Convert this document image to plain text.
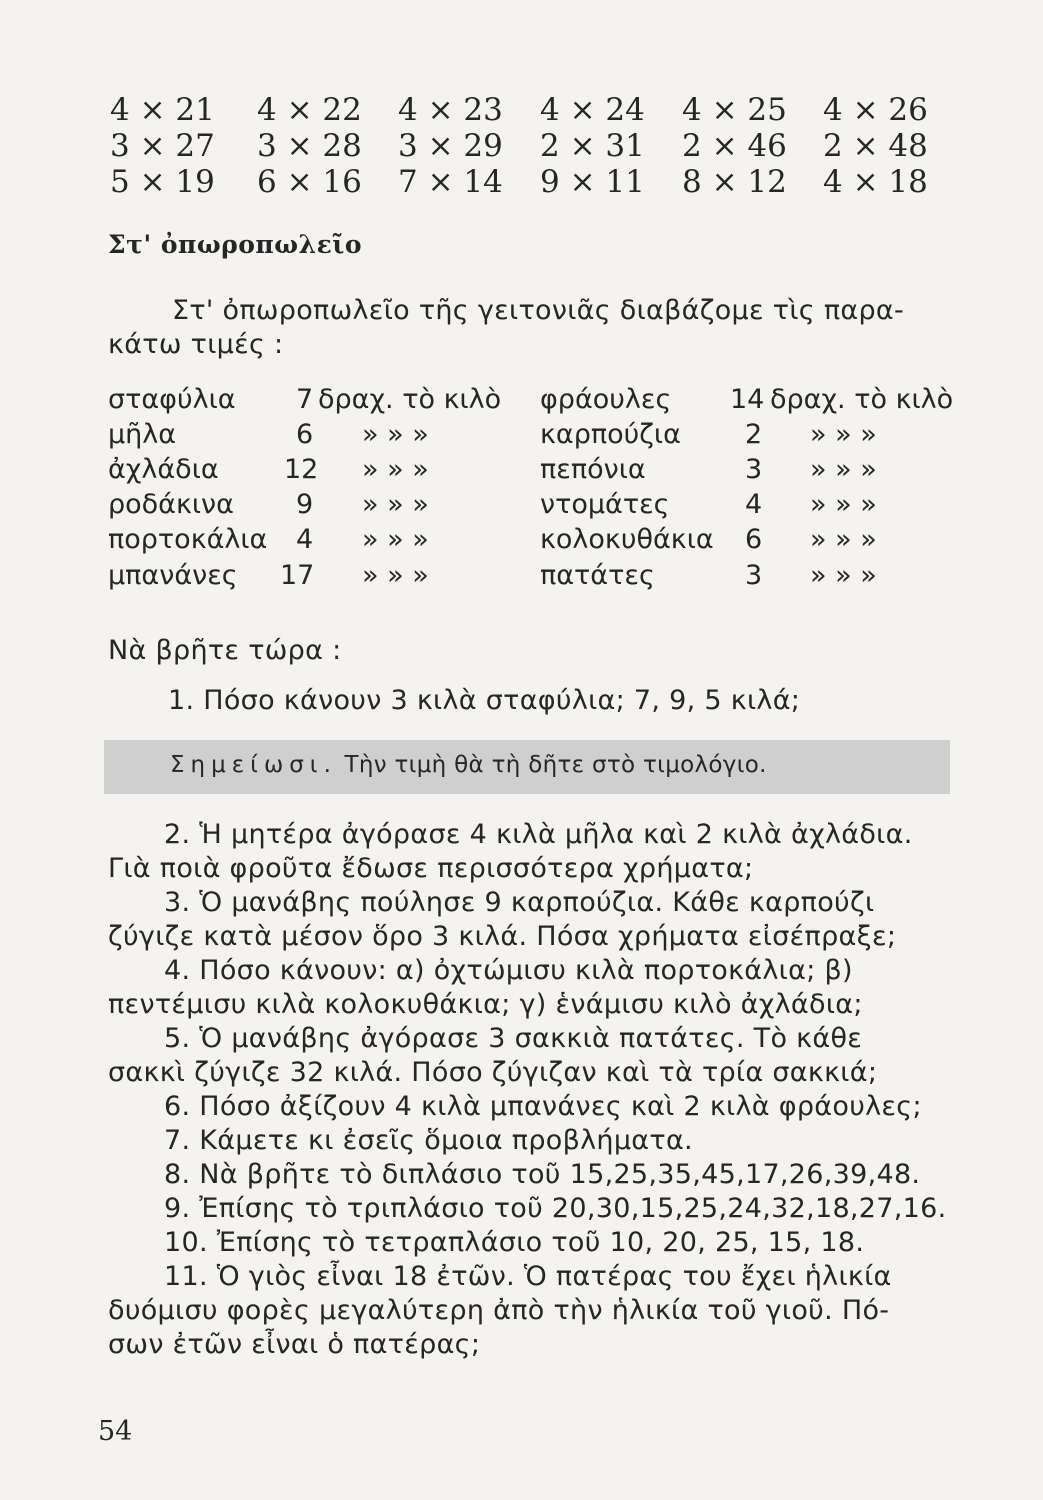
4 × 21 4 × 22 4 × 23 4 × 24 4 × 25 4 × 26
3 × 27 3 × 28 3 × 29 2 × 31 2 × 46 2 × 48
5 × 19 6 × 16 7 × 14 9 × 11 8 × 12 4 × 18
Στ' ὀπωροπωλεῖο
Στ' ὀπωροπωλεῖο τῆς γειτονιᾶς διαβάζομε τὶς παρα-
κάτω τιμές :
σταφύλια 7 δραχ. τὸ κιλὸ φράουλες 14 δραχ. τὸ κιλὸ
μῆλα	6 » » »	καρπούζια 2 » » »
ἀχλάδια 12 » » »	πεπόνια	3 » » »
ροδάκινα 9 » » »	ντομάτες	4 » » »
πορτοκάλια 4 » » »	κολοκυθάκια 6 » » »
μπανάνες 17 » » »	πατάτες	3 » » »
Νὰ βρῆτε τώρα :
1. Πόσο κάνουν 3 κιλὰ σταφύλια; 7, 9, 5 κιλά;
Σημείωσι. Τὴν τιμὴ θὰ τὴ δῆτε στὸ τιμολόγιο.
2. Ἡ μητέρα ἀγόρασε 4 κιλὰ μῆλα καὶ 2 κιλὰ ἀχλάδια.
Γιὰ ποιὰ φροῦτα ἔδωσε περισσότερα χρήματα;
3. Ὁ μανάβης πούλησε 9 καρπούζια. Κάθε καρπούζι
ζύγιζε κατὰ μέσον ὅρο 3 κιλά. Πόσα χρήματα εἰσέπραξε;
4. Πόσο κάνουν: α) ὀχτώμισυ κιλὰ πορτοκάλια; β)
πεντέμισυ κιλὰ κολοκυθάκια; γ) ἑνάμισυ κιλὸ ἀχλάδια;
5. Ὁ μανάβης ἀγόρασε 3 σακκιὰ πατάτες. Τὸ κάθε
σακκὶ ζύγιζε 32 κιλά. Πόσο ζύγιζαν καὶ τὰ τρία σακκιά;
6. Πόσο ἀξίζουν 4 κιλὰ μπανάνες καὶ 2 κιλὰ φράουλες;
7. Κάμετε κι ἐσεῖς ὅμοια προβλήματα.
8. Νὰ βρῆτε τὸ διπλάσιο τοῦ 15,25,35,45,17,26,39,48.
9. Ἐπίσης τὸ τριπλάσιο τοῦ 20,30,15,25,24,32,18,27,16.
10. Ἐπίσης τὸ τετραπλάσιο τοῦ 10, 20, 25, 15, 18.
11. Ὁ γιὸς εἶναι 18 ἐτῶν. Ὁ πατέρας του ἔχει ἡλικία
δυόμισυ φορὲς μεγαλύτερη ἀπὸ τὴν ἡλικία τοῦ γιοῦ. Πό-
σων ἐτῶν εἶναι ὁ πατέρας;
54
